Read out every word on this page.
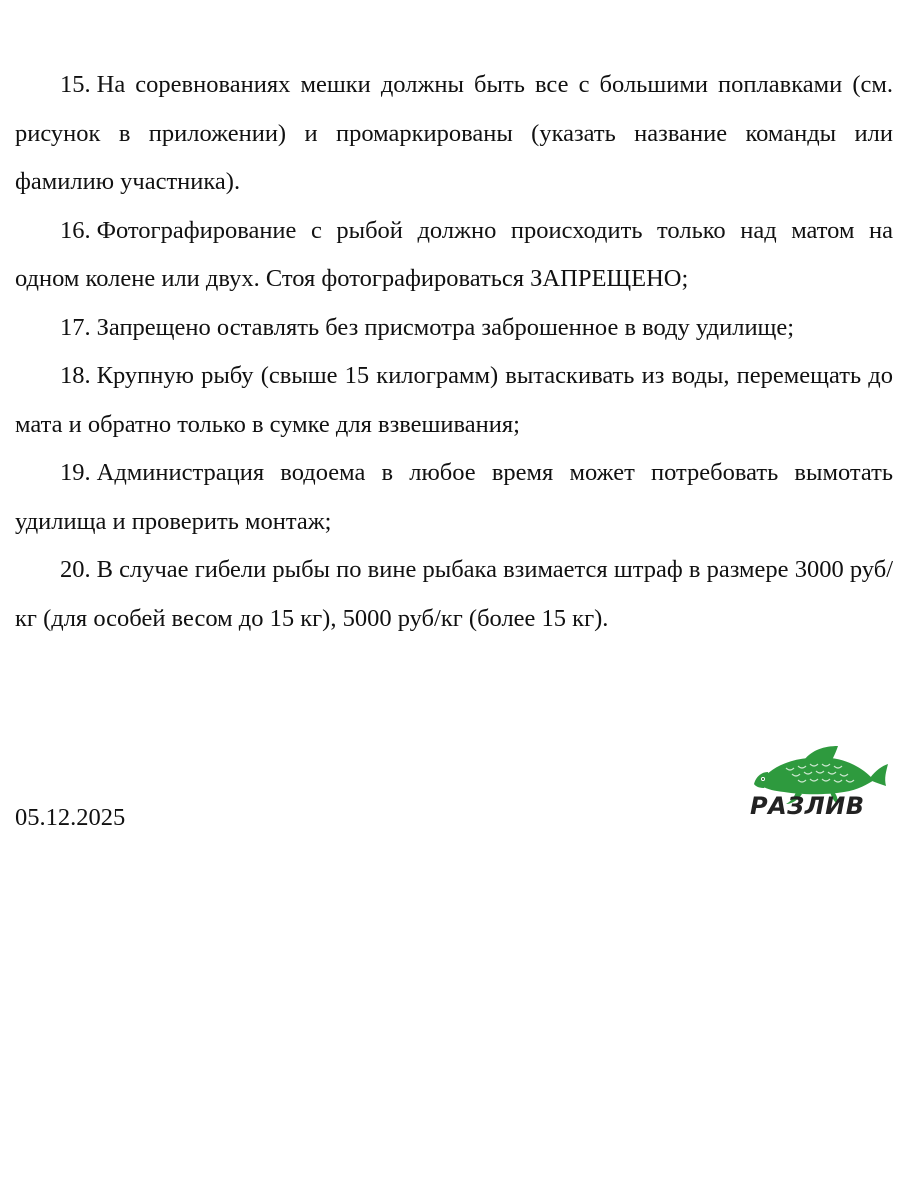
15. На соревнованиях мешки должны быть все с большими поплавками (см. рисунок в приложении) и промаркированы (указать название команды или фамилию участника).

16. Фотографирование с рыбой должно происходить только над матом на одном колене или двух. Стоя фотографироваться ЗАПРЕЩЕНО;

17. Запрещено оставлять без присмотра заброшенное в воду удилище;

18. Крупную рыбу (свыше 15 килограмм) вытаскивать из воды, перемещать до мата и обратно только в сумке для взвешивания;

19. Администрация водоема в любое время может потребовать вымотать удилища и проверить монтаж;

20. В случае гибели рыбы по вине рыбака взимается штраф в размере 3000 руб/кг (для особей весом до 15 кг), 5000 руб/кг (более 15 кг).

05.12.2025	РАЗЛИВ
